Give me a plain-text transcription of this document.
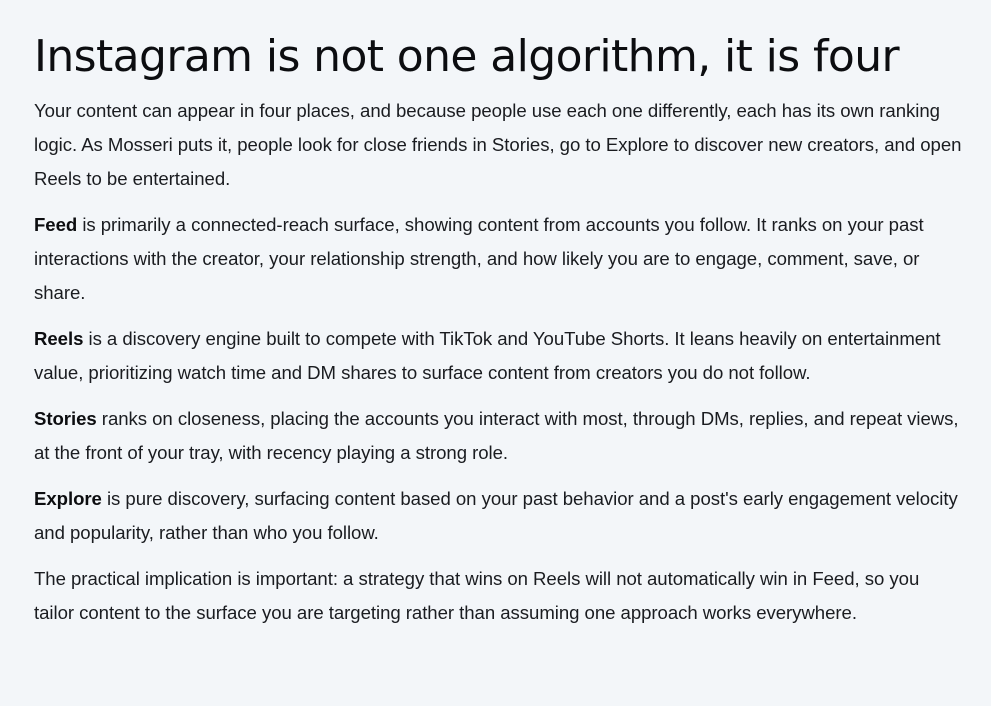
Instagram is not one algorithm, it is four

Your content can appear in four places, and because people use each one differently, each has its own ranking logic. As Mosseri puts it, people look for close friends in Stories, go to Explore to discover new creators, and open Reels to be entertained.

Feed is primarily a connected-reach surface, showing content from accounts you follow. It ranks on your past interactions with the creator, your relationship strength, and how likely you are to engage, comment, save, or share.

Reels is a discovery engine built to compete with TikTok and YouTube Shorts. It leans heavily on entertainment value, prioritizing watch time and DM shares to surface content from creators you do not follow.

Stories ranks on closeness, placing the accounts you interact with most, through DMs, replies, and repeat views, at the front of your tray, with recency playing a strong role.

Explore is pure discovery, surfacing content based on your past behavior and a post's early engagement velocity and popularity, rather than who you follow.

The practical implication is important: a strategy that wins on Reels will not automatically win in Feed, so you tailor content to the surface you are targeting rather than assuming one approach works everywhere.
